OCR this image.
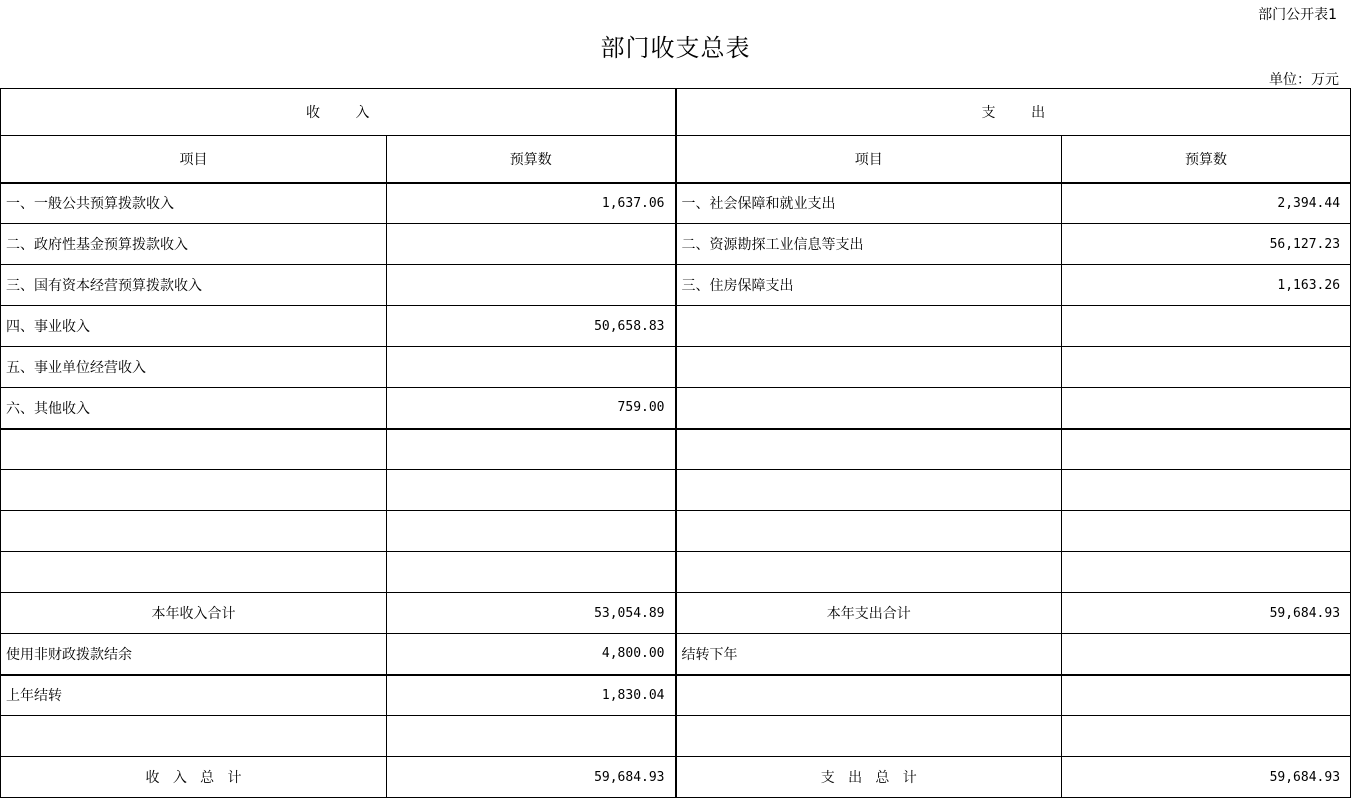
部门公开表1
部门收支总表
单位：万元
收        入		支        出	
项目	预算数	项目	预算数
一、一般公共预算拨款收入	1,637.06	一、社会保障和就业支出	2,394.44
二、政府性基金预算拨款收入		二、资源勘探工业信息等支出	56,127.23
三、国有资本经营预算拨款收入		三、住房保障支出	1,163.26
四、事业收入	50,658.83		
五、事业单位经营收入			
六、其他收入	759.00		

本年收入合计	53,054.89	本年支出合计	59,684.93
使用非财政拨款结余	4,800.00	结转下年	
上年结转	1,830.04		

收   入   总   计	59,684.93	支   出   总   计	59,684.93
